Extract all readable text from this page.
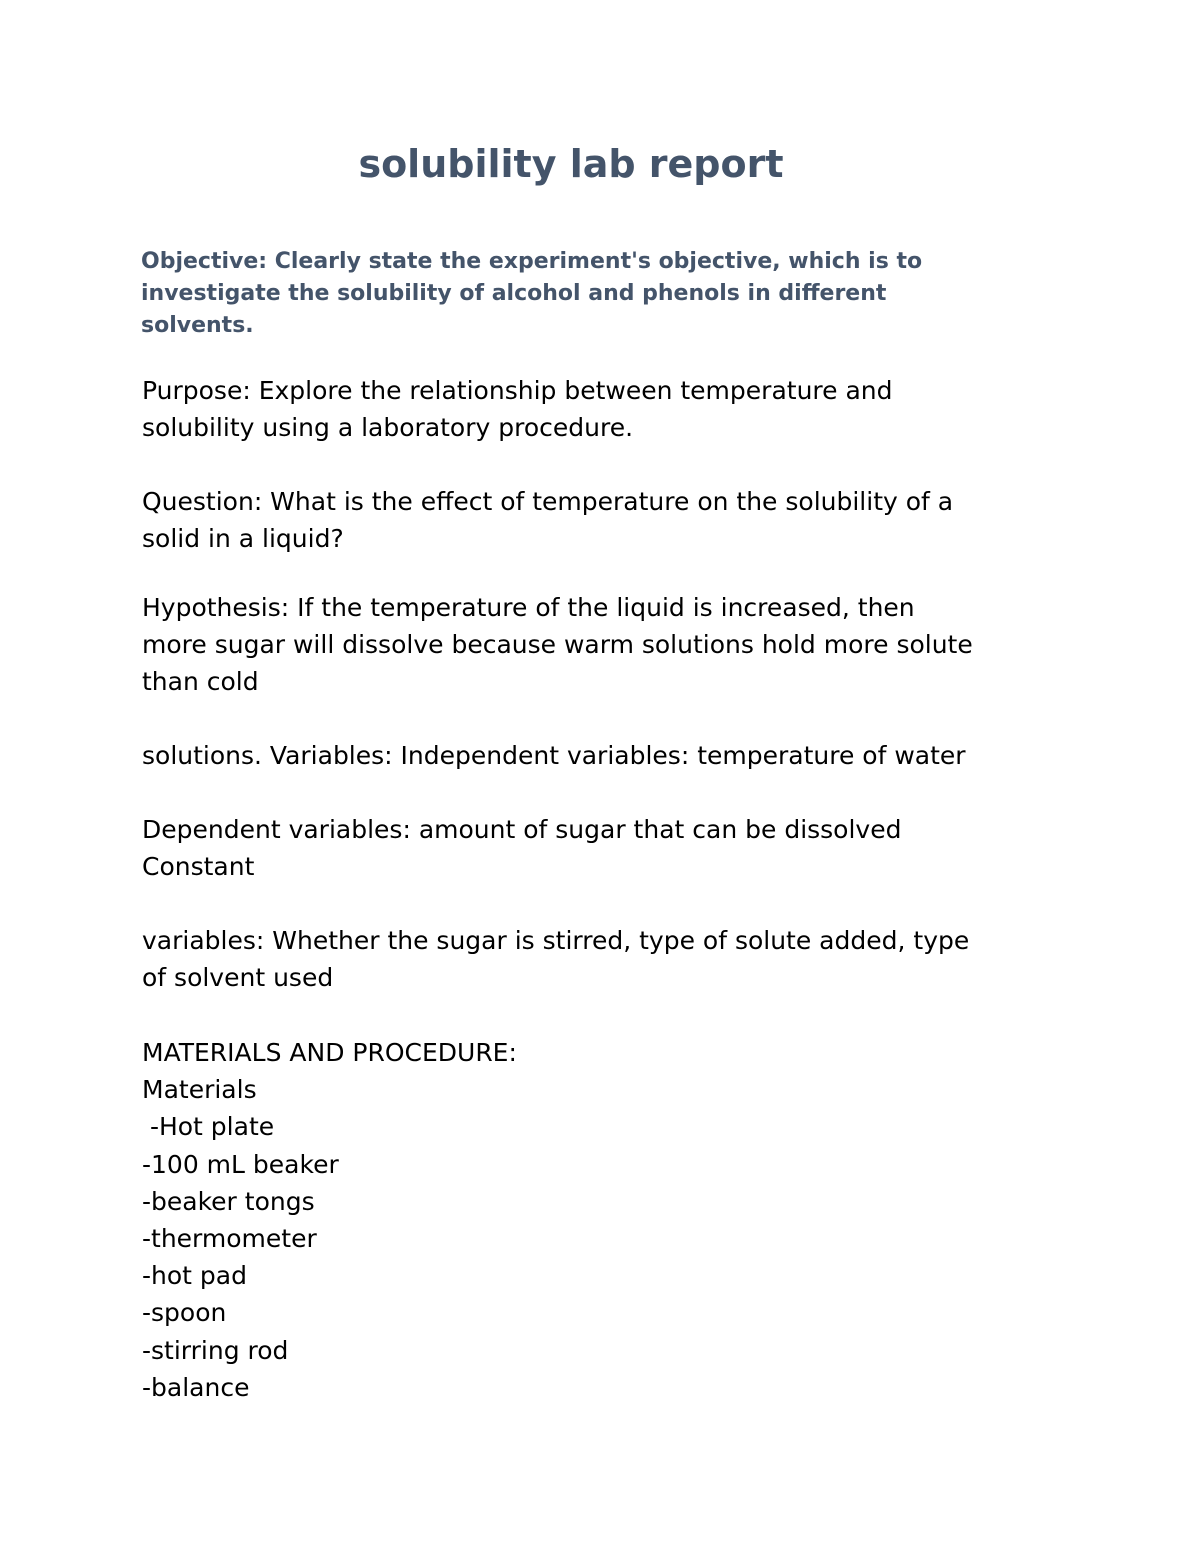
solubility lab report

Objective: Clearly state the experiment's objective, which is to
investigate the solubility of alcohol and phenols in different
solvents.

Purpose: Explore the relationship between temperature and
solubility using a laboratory procedure.

Question: What is the effect of temperature on the solubility of a
solid in a liquid?

Hypothesis: If the temperature of the liquid is increased, then
more sugar will dissolve because warm solutions hold more solute
than cold

solutions. Variables: Independent variables: temperature of water

Dependent variables: amount of sugar that can be dissolved
Constant

variables: Whether the sugar is stirred, type of solute added, type
of solvent used

MATERIALS AND PROCEDURE:
Materials
-Hot plate
-100 mL beaker
-beaker tongs
-thermometer
-hot pad
-spoon
-stirring rod
-balance
